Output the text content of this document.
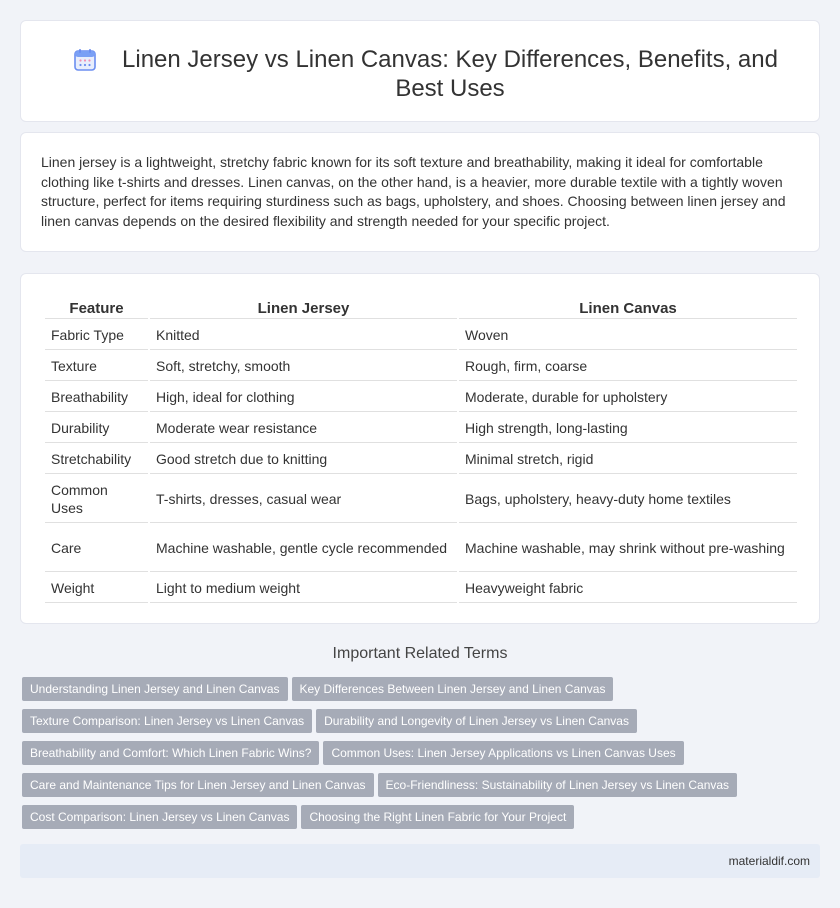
Linen Jersey vs Linen Canvas: Key Differences, Benefits, and Best Uses

Linen jersey is a lightweight, stretchy fabric known for its soft texture and breathability, making it ideal for comfortable clothing like t-shirts and dresses. Linen canvas, on the other hand, is a heavier, more durable textile with a tightly woven structure, perfect for items requiring sturdiness such as bags, upholstery, and shoes. Choosing between linen jersey and linen canvas depends on the desired flexibility and strength needed for your specific project.

Feature	Linen Jersey	Linen Canvas
Fabric Type	Knitted	Woven
Texture	Soft, stretchy, smooth	Rough, firm, coarse
Breathability	High, ideal for clothing	Moderate, durable for upholstery
Durability	Moderate wear resistance	High strength, long-lasting
Stretchability	Good stretch due to knitting	Minimal stretch, rigid
Common Uses	T-shirts, dresses, casual wear	Bags, upholstery, heavy-duty home textiles
Care	Machine washable, gentle cycle recommended	Machine washable, may shrink without pre-washing
Weight	Light to medium weight	Heavyweight fabric
Important Related Terms
Understanding Linen Jersey and Linen Canvas Key Differences Between Linen Jersey and Linen Canvas
Texture Comparison: Linen Jersey vs Linen Canvas Durability and Longevity of Linen Jersey vs Linen Canvas
Breathability and Comfort: Which Linen Fabric Wins? Common Uses: Linen Jersey Applications vs Linen Canvas Uses
Care and Maintenance Tips for Linen Jersey and Linen Canvas Eco-Friendliness: Sustainability of Linen Jersey vs Linen Canvas
Cost Comparison: Linen Jersey vs Linen Canvas Choosing the Right Linen Fabric for Your Project
materialdif.com
